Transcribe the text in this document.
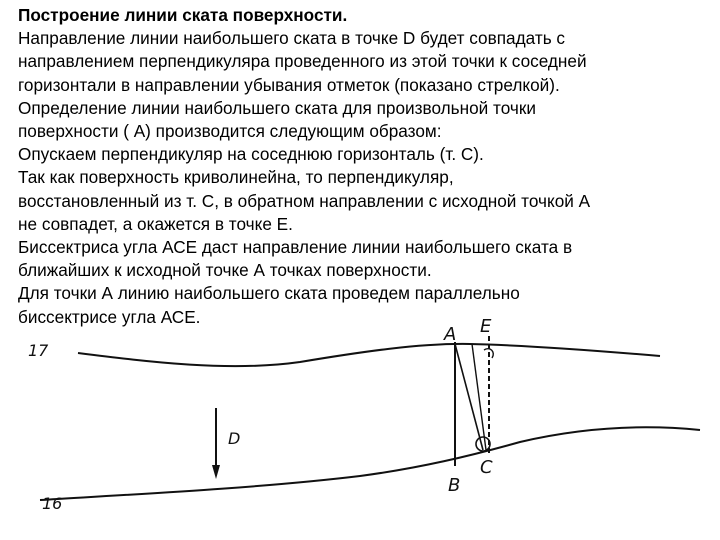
Построение линии ската поверхности.

Направление линии наибольшего ската в точке D будет совпадать с

направлением перпендикуляра проведенного из этой точки к соседней

горизонтали в направлении убывания отметок (показано стрелкой).

Определение линии наибольшего ската для произвольной точки

поверхности ( А) производится следующим образом:

Опускаем перпендикуляр на соседнюю горизонталь (т. С).

Так как поверхность криволинейна, то перпендикуляр,

восстановленный из т. С, в обратном направлении с исходной точкой А

не совпадет, а окажется в точке Е.

Биссектриса угла АСЕ даст направление линии наибольшего ската в

ближайших к исходной точке А точках поверхности.

Для точки А линию наибольшего ската проведем параллельно

биссектрисе угла АСЕ.

17
16
D
A E
B
C
